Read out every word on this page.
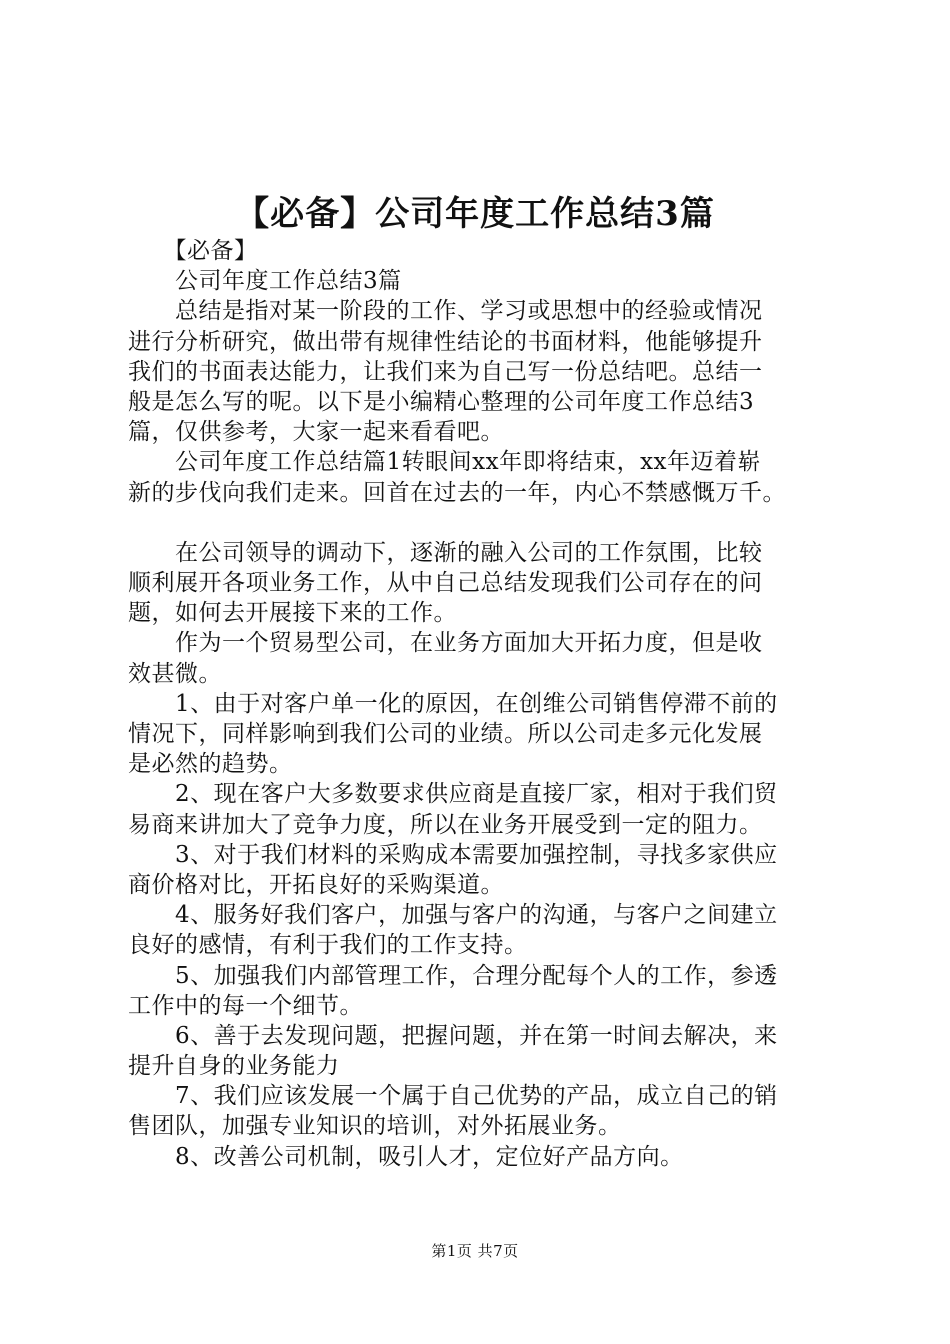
【必备】公司年度工作总结3篇
　　【必备】
　　公司年度工作总结3篇
　　总结是指对某一阶段的工作、学习或思想中的经验或情况
进行分析研究，做出带有规律性结论的书面材料，他能够提升
我们的书面表达能力，让我们来为自己写一份总结吧。总结一
般是怎么写的呢。以下是小编精心整理的公司年度工作总结3
篇，仅供参考，大家一起来看看吧。
　　公司年度工作总结篇1转眼间xx年即将结束，xx年迈着崭
新的步伐向我们走来。回首在过去的一年，内心不禁感慨万千。
　　在公司领导的调动下，逐渐的融入公司的工作氛围，比较
顺利展开各项业务工作，从中自己总结发现我们公司存在的问
题，如何去开展接下来的工作。
　　作为一个贸易型公司，在业务方面加大开拓力度，但是收
效甚微。
　　1、由于对客户单一化的原因，在创维公司销售停滞不前的
情况下，同样影响到我们公司的业绩。所以公司走多元化发展
是必然的趋势。
　　2、现在客户大多数要求供应商是直接厂家，相对于我们贸
易商来讲加大了竞争力度，所以在业务开展受到一定的阻力。
　　3、对于我们材料的采购成本需要加强控制，寻找多家供应
商价格对比，开拓良好的采购渠道。
　　4、服务好我们客户，加强与客户的沟通，与客户之间建立
良好的感情，有利于我们的工作支持。
　　5、加强我们内部管理工作，合理分配每个人的工作，参透
工作中的每一个细节。
　　6、善于去发现问题，把握问题，并在第一时间去解决，来
提升自身的业务能力
　　7、我们应该发展一个属于自己优势的产品，成立自己的销
售团队，加强专业知识的培训，对外拓展业务。
　　8、改善公司机制，吸引人才，定位好产品方向。
第1页 共7页
